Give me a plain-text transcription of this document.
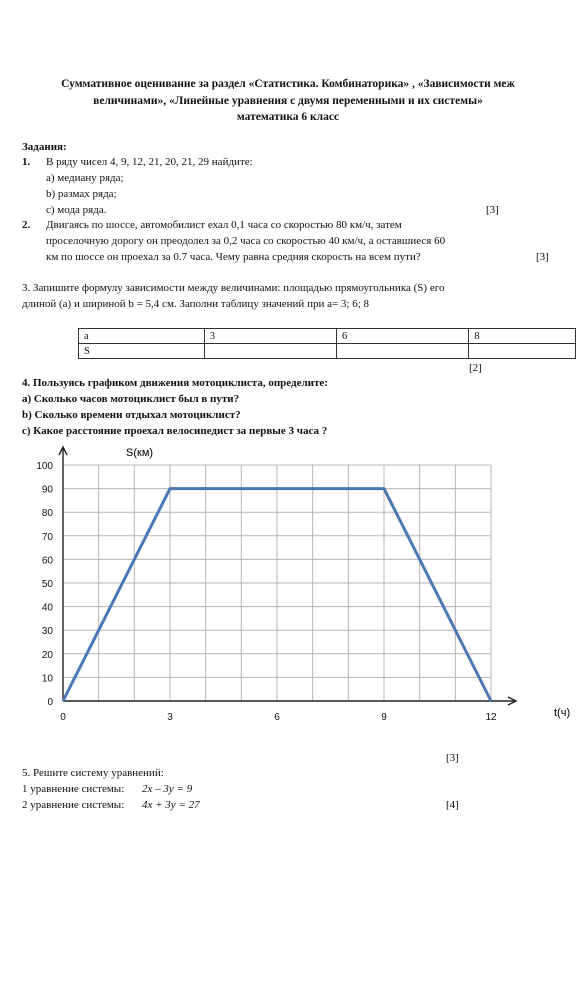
Суммативное оценивание за раздел «Статистика. Комбинаторика» , «Зависимости меж
величинами», «Линейные уравнения с двумя переменными и их системы»
математика 6 класс
Задания:
1. В ряду чисел 4, 9, 12, 21, 20, 21, 29 найдите:
a) медиану ряда;
b) размах ряда;
c) мода ряда.	[3]
2. Двигаясь по шоссе, автомобилист ехал 0,1 часа со скоростью 80 км/ч, затем
проселочную дорогу он преодолел за 0,2 часа со скоростью 40 км/ч, а оставшиеся 60
км по шоссе он проехал за 0.7 часа. Чему равна средняя скорость на всем пути?	[3]
3. Запишите формулу зависимости между величинами: площадью прямоугольника (S) его
длиной (a) и шириной b = 5,4 см. Заполни таблицу значений при a= 3; 6; 8
a	3	6	8
S			
[2]
4. Пользуясь графиком движения мотоциклиста, определите:
a) Сколько часов мотоциклист был в пути?
b) Сколько времени отдыхал мотоциклист?
c) Какое расстояние проехал велосипедист за первые 3 часа ?
0
10
20
30
40
50
60
70
80
90
100
0	3	6	9	12
S(км)
t(ч)
[3]
5. Решите систему уравнений:
1 уравнение системы: 2x – 3y = 9
2 уравнение системы: 4x + 3y = 27	[4]
